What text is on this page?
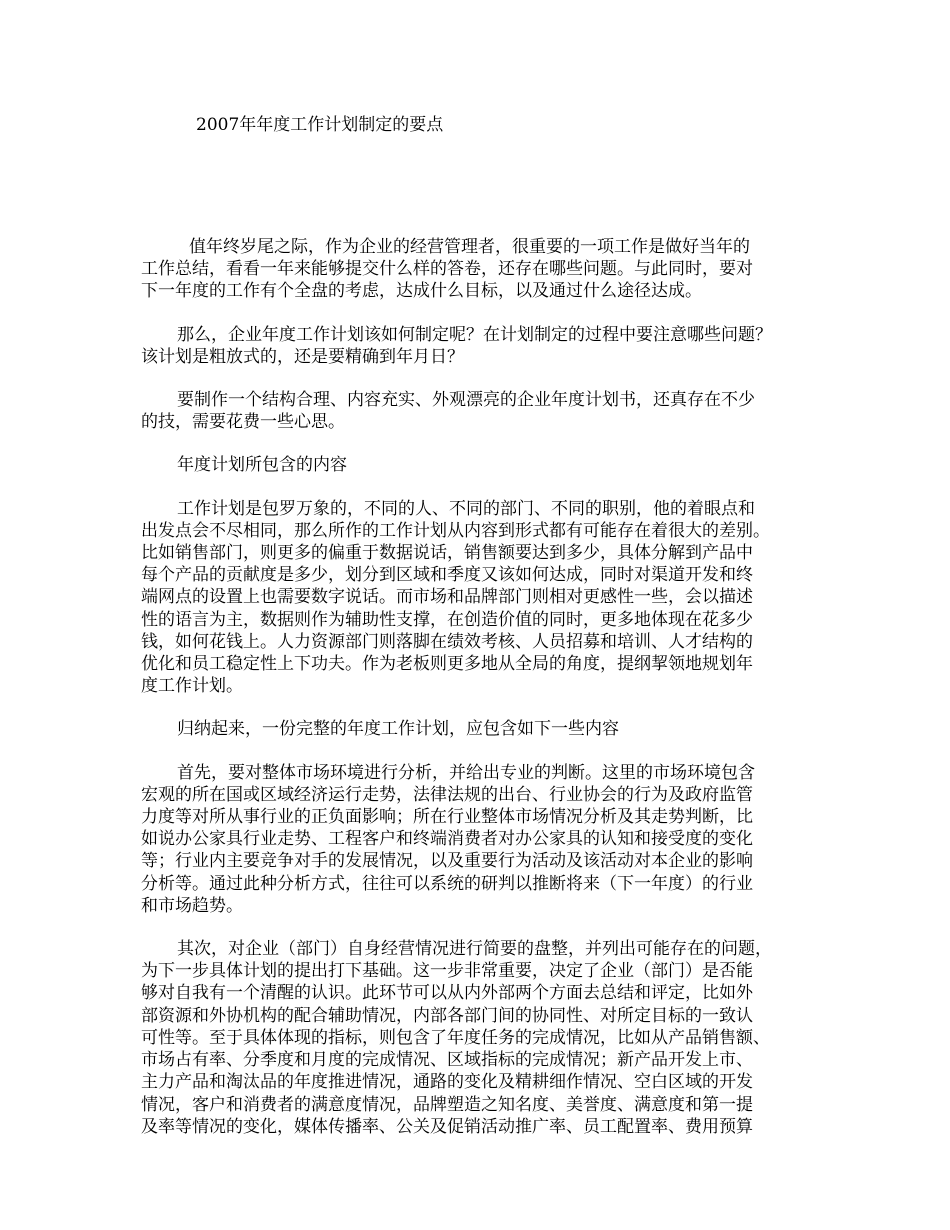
2007年年度工作计划制定的要点

值年终岁尾之际，作为企业的经营管理者，很重要的一项工作是做好当年的
工作总结，看看一年来能够提交什么样的答卷，还存在哪些问题。与此同时，要对
下一年度的工作有个全盘的考虑，达成什么目标，以及通过什么途径达成。

那么，企业年度工作计划该如何制定呢？在计划制定的过程中要注意哪些问题？
该计划是粗放式的，还是要精确到年月日？

要制作一个结构合理、内容充实、外观漂亮的企业年度计划书，还真存在不少
的技，需要花费一些心思。

年度计划所包含的内容

工作计划是包罗万象的，不同的人、不同的部门、不同的职别，他的着眼点和
出发点会不尽相同，那么所作的工作计划从内容到形式都有可能存在着很大的差别。
比如销售部门，则更多的偏重于数据说话，销售额要达到多少，具体分解到产品中
每个产品的贡献度是多少，划分到区域和季度又该如何达成，同时对渠道开发和终
端网点的设置上也需要数字说话。而市场和品牌部门则相对更感性一些，会以描述
性的语言为主，数据则作为辅助性支撑，在创造价值的同时，更多地体现在花多少
钱，如何花钱上。人力资源部门则落脚在绩效考核、人员招募和培训、人才结构的
优化和员工稳定性上下功夫。作为老板则更多地从全局的角度，提纲挈领地规划年
度工作计划。

归纳起来，一份完整的年度工作计划，应包含如下一些内容

首先，要对整体市场环境进行分析，并给出专业的判断。这里的市场环境包含
宏观的所在国或区域经济运行走势，法律法规的出台、行业协会的行为及政府监管
力度等对所从事行业的正负面影响；所在行业整体市场情况分析及其走势判断，比
如说办公家具行业走势、工程客户和终端消费者对办公家具的认知和接受度的变化
等；行业内主要竞争对手的发展情况，以及重要行为活动及该活动对本企业的影响
分析等。通过此种分析方式，往往可以系统的研判以推断将来（下一年度）的行业
和市场趋势。

其次，对企业（部门）自身经营情况进行简要的盘整，并列出可能存在的问题，
为下一步具体计划的提出打下基础。这一步非常重要，决定了企业（部门）是否能
够对自我有一个清醒的认识。此环节可以从内外部两个方面去总结和评定，比如外
部资源和外协机构的配合辅助情况，内部各部门间的协同性、对所定目标的一致认
可性等。至于具体体现的指标，则包含了年度任务的完成情况，比如从产品销售额、
市场占有率、分季度和月度的完成情况、区域指标的完成情况；新产品开发上市、
主力产品和淘汰品的年度推进情况，通路的变化及精耕细作情况、空白区域的开发
情况，客户和消费者的满意度情况，品牌塑造之知名度、美誉度、满意度和第一提
及率等情况的变化，媒体传播率、公关及促销活动推广率、员工配置率、费用预算
